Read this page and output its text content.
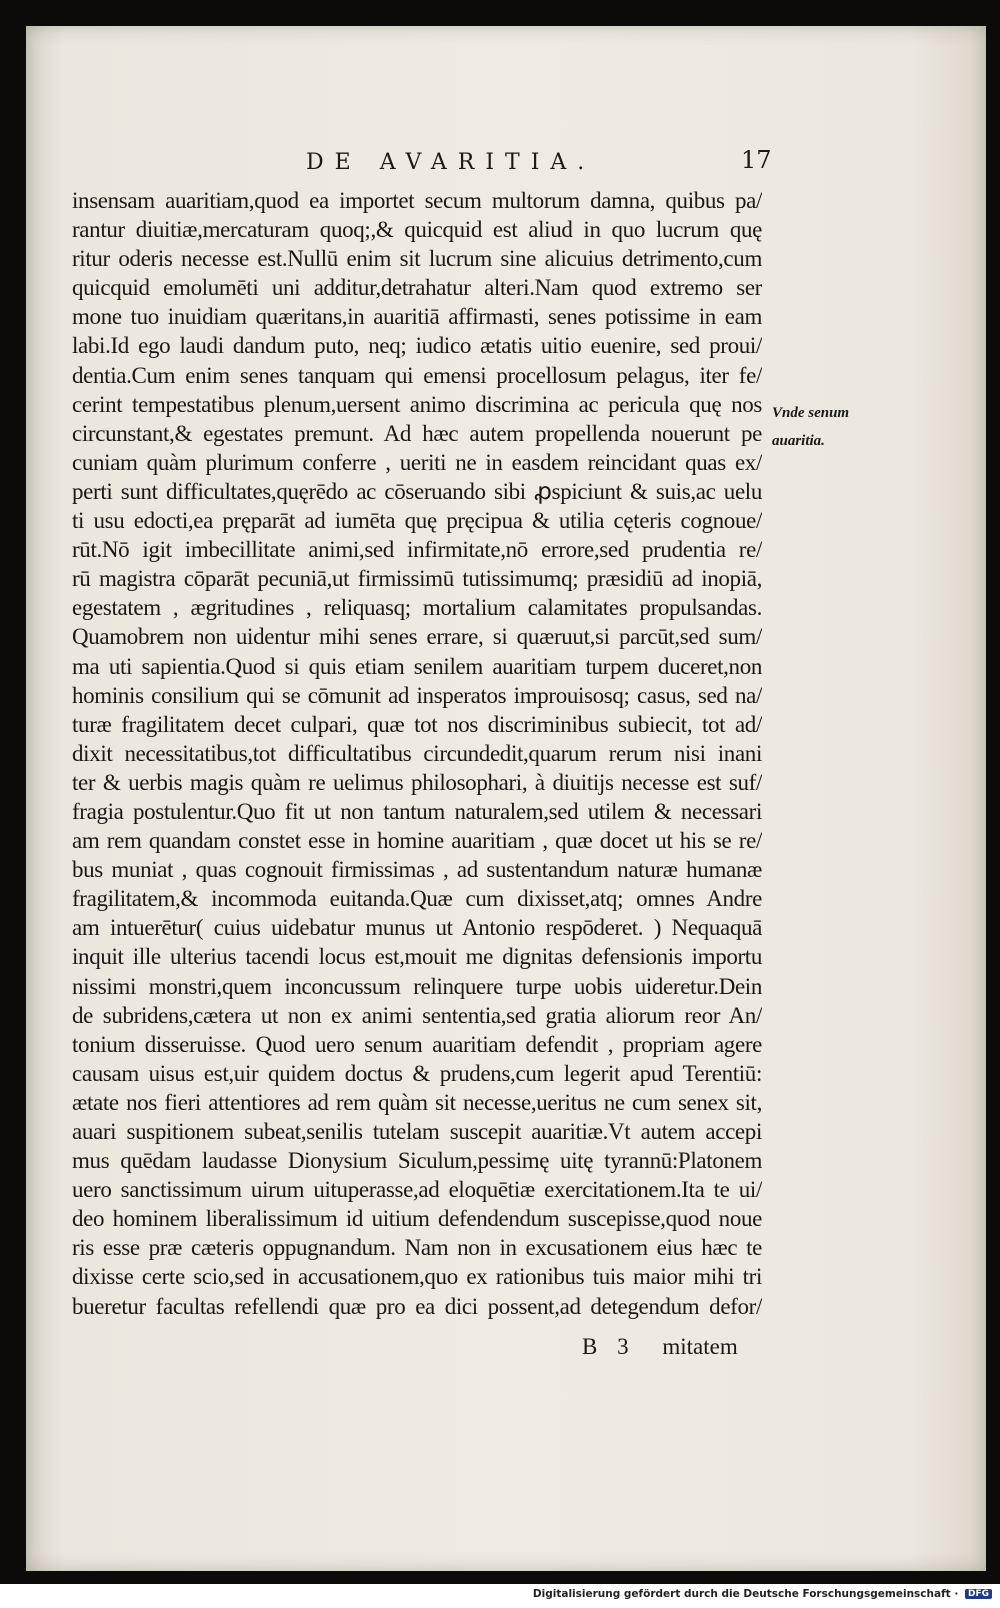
DE AVARITIA.	17
insensam auaritiam,quod ea importet secum multorum damna, quibus pa/
rantur diuitiæ,mercaturam quoq;,& quicquid est aliud in quo lucrum quę
ritur oderis necesse est.Nullū enim sit lucrum sine alicuius detrimento,cum
quicquid emolumēti uni additur,detrahatur alteri.Nam quod extremo ser
mone tuo inuidiam quæritans,in auaritiā affirmasti, senes potissime in eam
labi.Id ego laudi dandum puto, neq; iudico ætatis uitio euenire, sed proui/
dentia.Cum enim senes tanquam qui emensi procellosum pelagus, iter fe/
cerint tempestatibus plenum,uersent animo discrimina ac pericula quę nos
circunstant,& egestates premunt. Ad hæc autem propellenda nouerunt pe
cuniam quàm plurimum conferre , ueriti ne in easdem reincidant quas ex/
perti sunt difficultates,quęrēdo ac cōseruando sibi ꝓspiciunt & suis,ac uelu
ti usu edocti,ea pręparāt ad iumēta quę pręcipua & utilia cęteris cognoue/
rūt.Nō igit imbecillitate animi,sed infirmitate,nō errore,sed prudentia re/
rū magistra cōparāt pecuniā,ut firmissimū tutissimumq; præsidiū ad inopiā,
egestatem , ægritudines , reliquasq; mortalium calamitates propulsandas.
Quamobrem non uidentur mihi senes errare, si quæruut,si parcūt,sed sum/
ma uti sapientia.Quod si quis etiam senilem auaritiam turpem duceret,non
hominis consilium qui se cōmunit ad insperatos improuisosq; casus, sed na/
turæ fragilitatem decet culpari, quæ tot nos discriminibus subiecit, tot ad/
dixit necessitatibus,tot difficultatibus circundedit,quarum rerum nisi inani
ter & uerbis magis quàm re uelimus philosophari, à diuitijs necesse est suf/
fragia postulentur.Quo fit ut non tantum naturalem,sed utilem & necessari
am rem quandam constet esse in homine auaritiam , quæ docet ut his se re/
bus muniat , quas cognouit firmissimas , ad sustentandum naturæ humanæ
fragilitatem,& incommoda euitanda.Quæ cum dixisset,atq; omnes Andre
am intuerētur( cuius uidebatur munus ut Antonio respōderet. ) Nequaquā
inquit ille ulterius tacendi locus est,mouit me dignitas defensionis importu
nissimi monstri,quem inconcussum relinquere turpe uobis uideretur.Dein
de subridens,cætera ut non ex animi sententia,sed gratia aliorum reor An/
tonium disseruisse. Quod uero senum auaritiam defendit , propriam agere
causam uisus est,uir quidem doctus & prudens,cum legerit apud Terentiū:
ætate nos fieri attentiores ad rem quàm sit necesse,ueritus ne cum senex sit,
auari suspitionem subeat,senilis tutelam suscepit auaritiæ.Vt autem accepi
mus quēdam laudasse Dionysium Siculum,pessimę uitę tyrannū:Platonem
uero sanctissimum uirum uituperasse,ad eloquētiæ exercitationem.Ita te ui/
deo hominem liberalissimum id uitium defendendum suscepisse,quod noue
ris esse præ cæteris oppugnandum. Nam non in excusationem eius hæc te
dixisse certe scio,sed in accusationem,quo ex rationibus tuis maior mihi tri
bueretur facultas refellendi quæ pro ea dici possent,ad detegendum defor/
Vnde senum
auaritia.
B 3 mitatem
Digitalisierung gefördert durch die Deutsche Forschungsgemeinschaft · DFG
